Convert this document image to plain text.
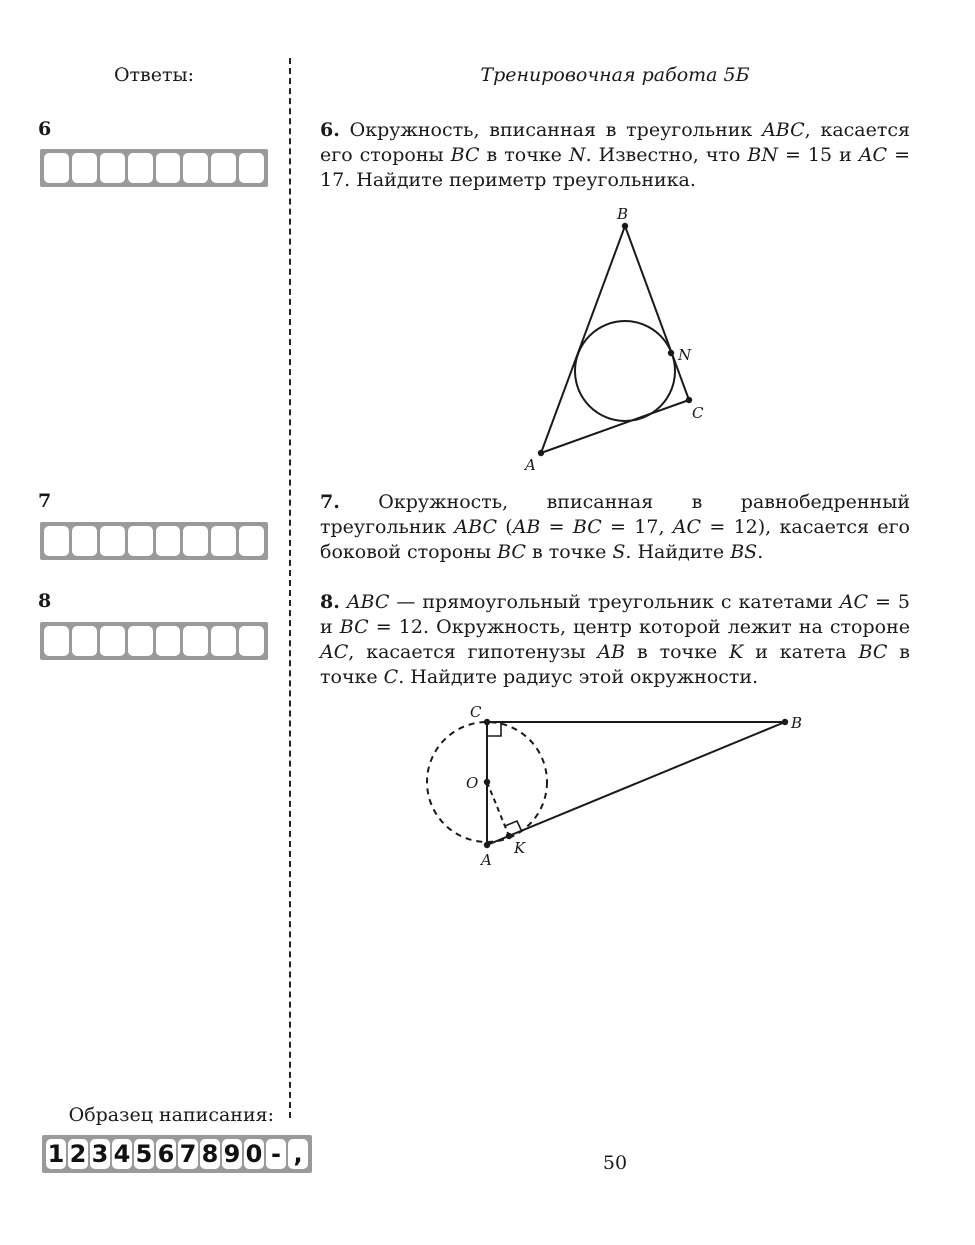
Ответы:	Тренировочная работа 5Б
6
7
8
6. Окружность, вписанная в треугольник ABC, касается его стороны BC в точке N. Известно, что BN = 15 и AC = 17. Найдите периметр треугольника.
B
N
C
A
7. Окружность, вписанная в равнобедренный треугольник ABC (AB = BC = 17, AC = 12), касается его боковой стороны BC в точке S. Найдите BS.
8. ABC — прямоугольный треугольник с катетами AC = 5 и BC = 12. Окружность, центр которой лежит на стороне AC, касается гипотенузы AB в точке K и катета BC в точке C. Найдите радиус этой окружности.
C
B
O
A
K
Образец написания:
1 2 3 4 5 6 7 8 9 0 - ,	50
